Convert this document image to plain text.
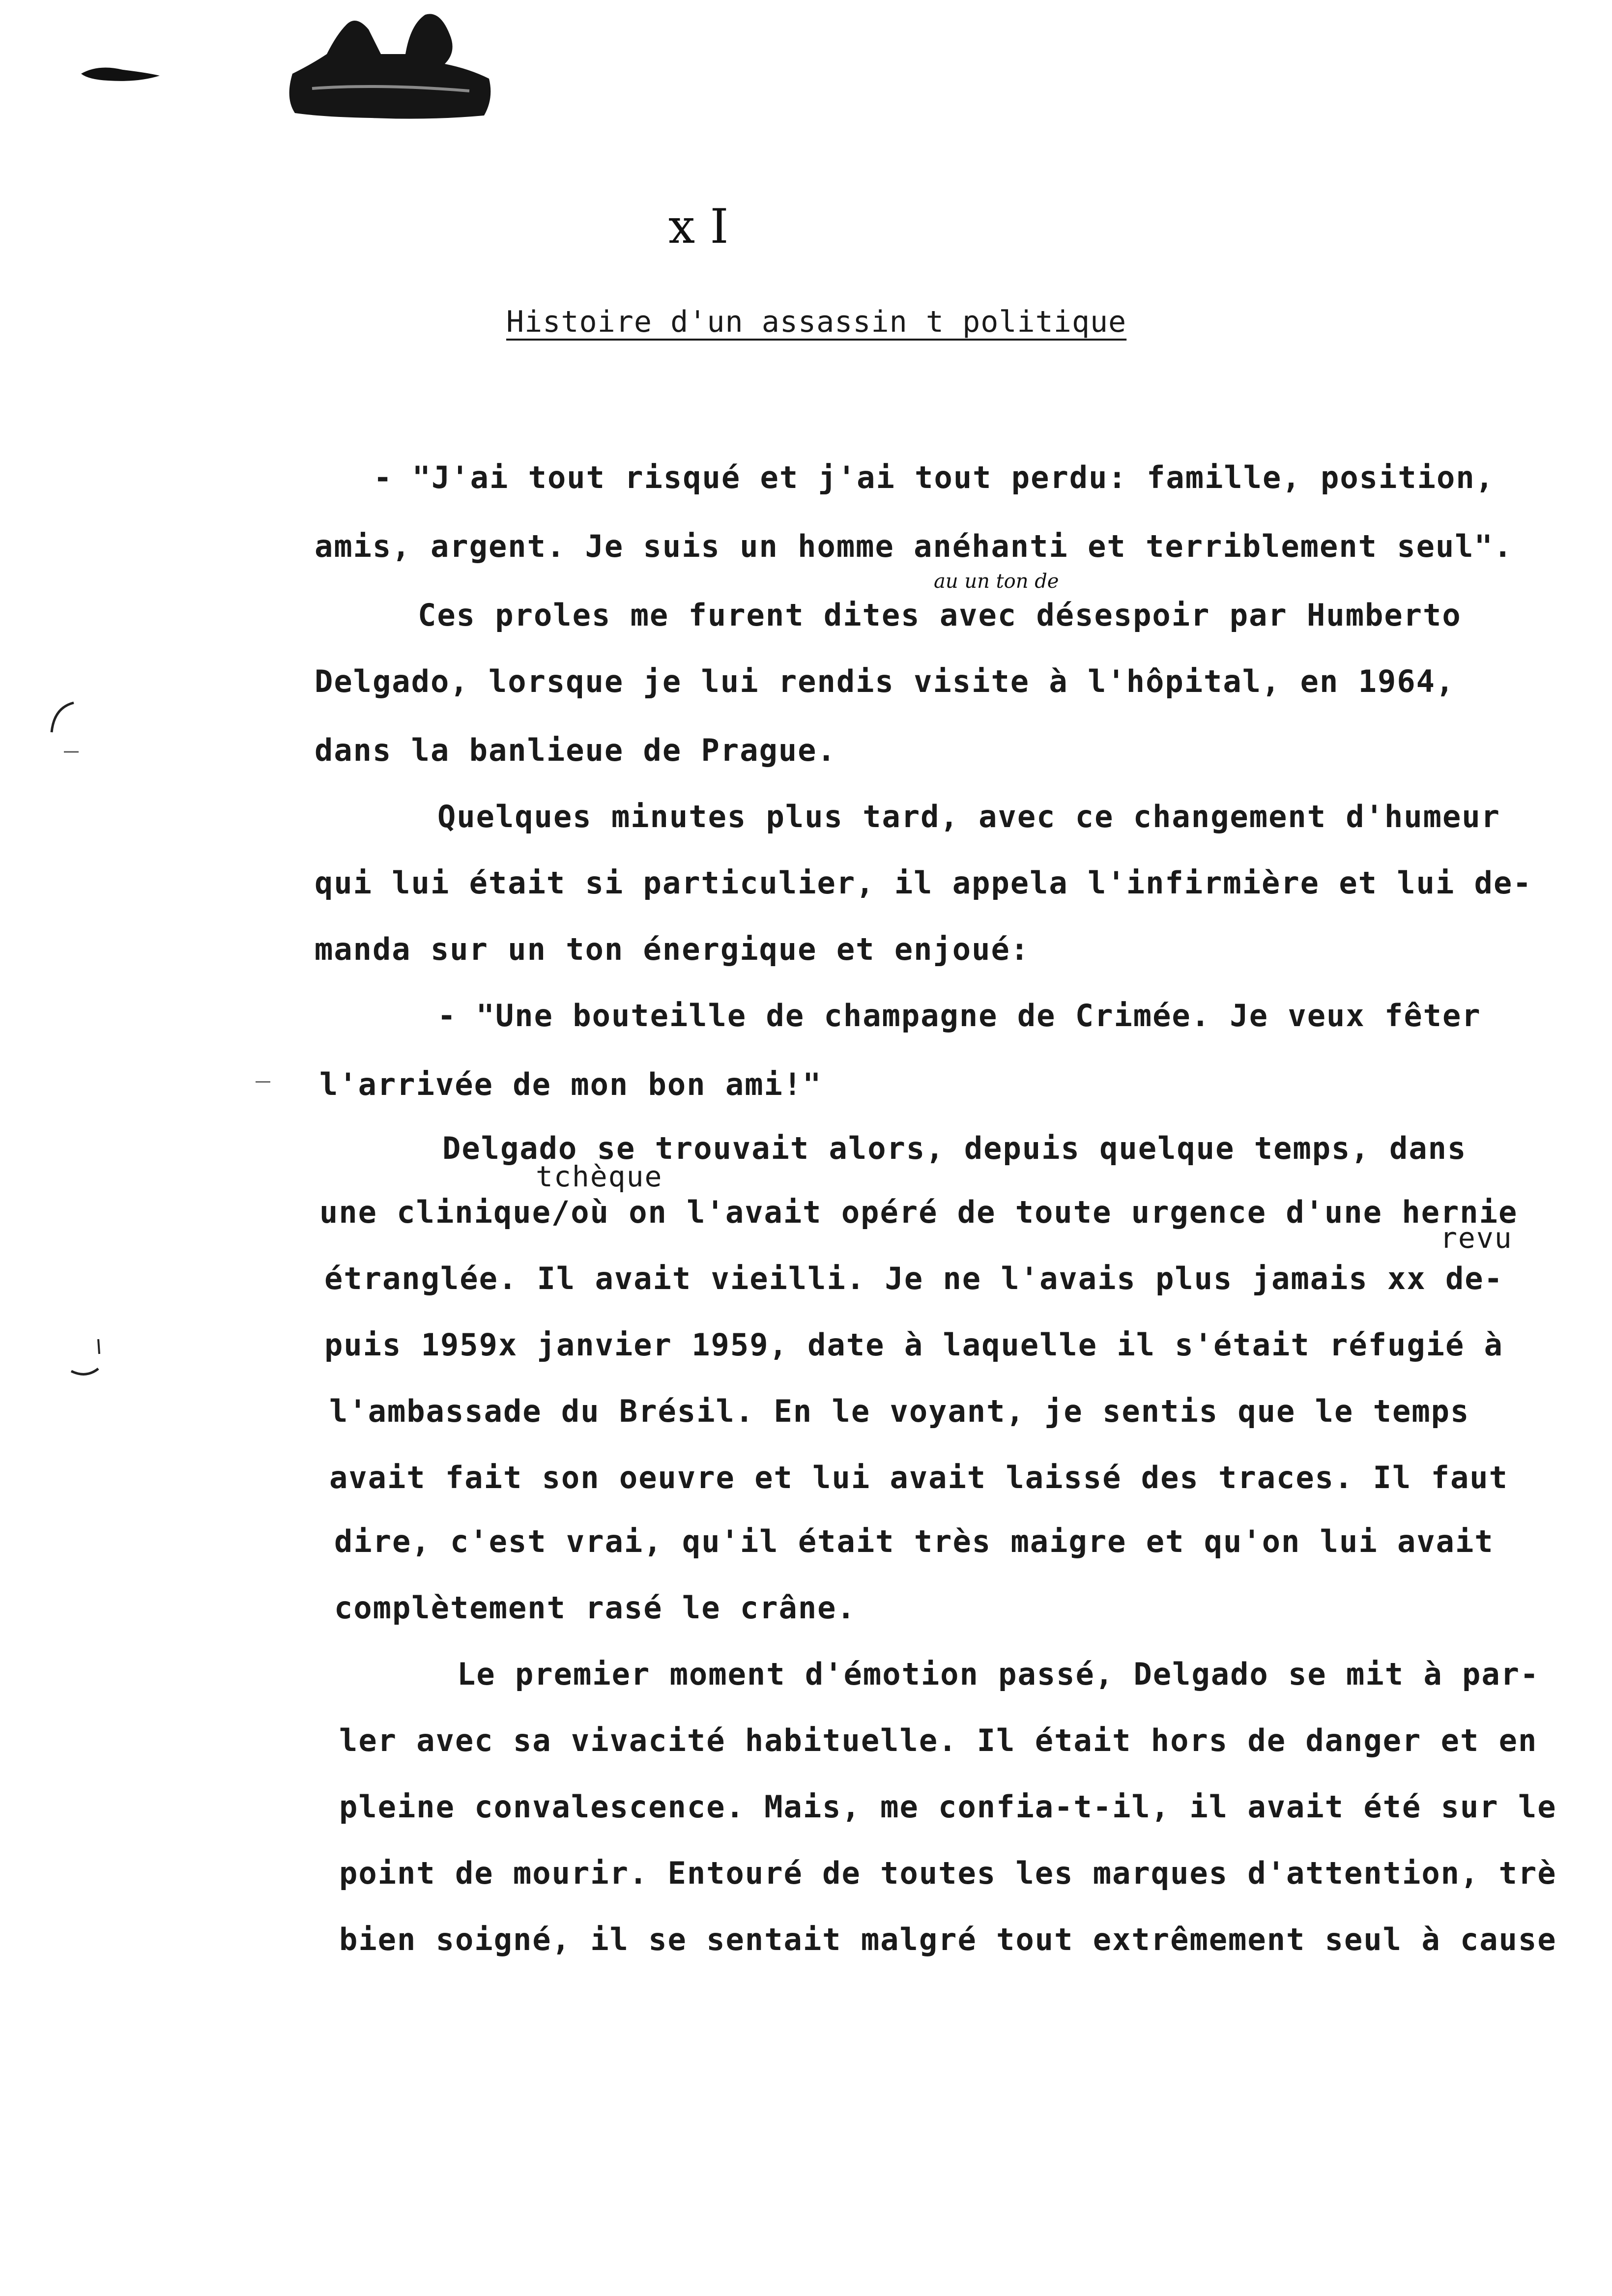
x I
Histoire d'un assassin t politique
au un ton de
tchèque
revu
- "J'ai tout risqué et j'ai tout perdu: famille, position,
amis, argent. Je suis un homme anéhanti et terriblement seul".
Ces proles me furent dites avec désespoir par Humberto
Delgado, lorsque je lui rendis visite à l'hôpital, en 1964,
dans la banlieue de Prague.
Quelques minutes plus tard, avec ce changement d'humeur
qui lui était si particulier, il appela l'infirmière et lui de-
manda sur un ton énergique et enjoué:
- "Une bouteille de champagne de Crimée. Je veux fêter
l'arrivée de mon bon ami!"
Delgado se trouvait alors, depuis quelque temps, dans
une clinique/où on l'avait opéré de toute urgence d'une hernie
étranglée. Il avait vieilli. Je ne l'avais plus jamais xx de-
puis 1959x janvier 1959, date à laquelle il s'était réfugié à
l'ambassade du Brésil. En le voyant, je sentis que le temps
avait fait son oeuvre et lui avait laissé des traces. Il faut
dire, c'est vrai, qu'il était très maigre et qu'on lui avait
complètement rasé le crâne.
Le premier moment d'émotion passé, Delgado se mit à par-
ler avec sa vivacité habituelle. Il était hors de danger et en
pleine convalescence. Mais, me confia-t-il, il avait été sur le
point de mourir. Entouré de toutes les marques d'attention, trè
bien soigné, il se sentait malgré tout extrêmement seul à cause
